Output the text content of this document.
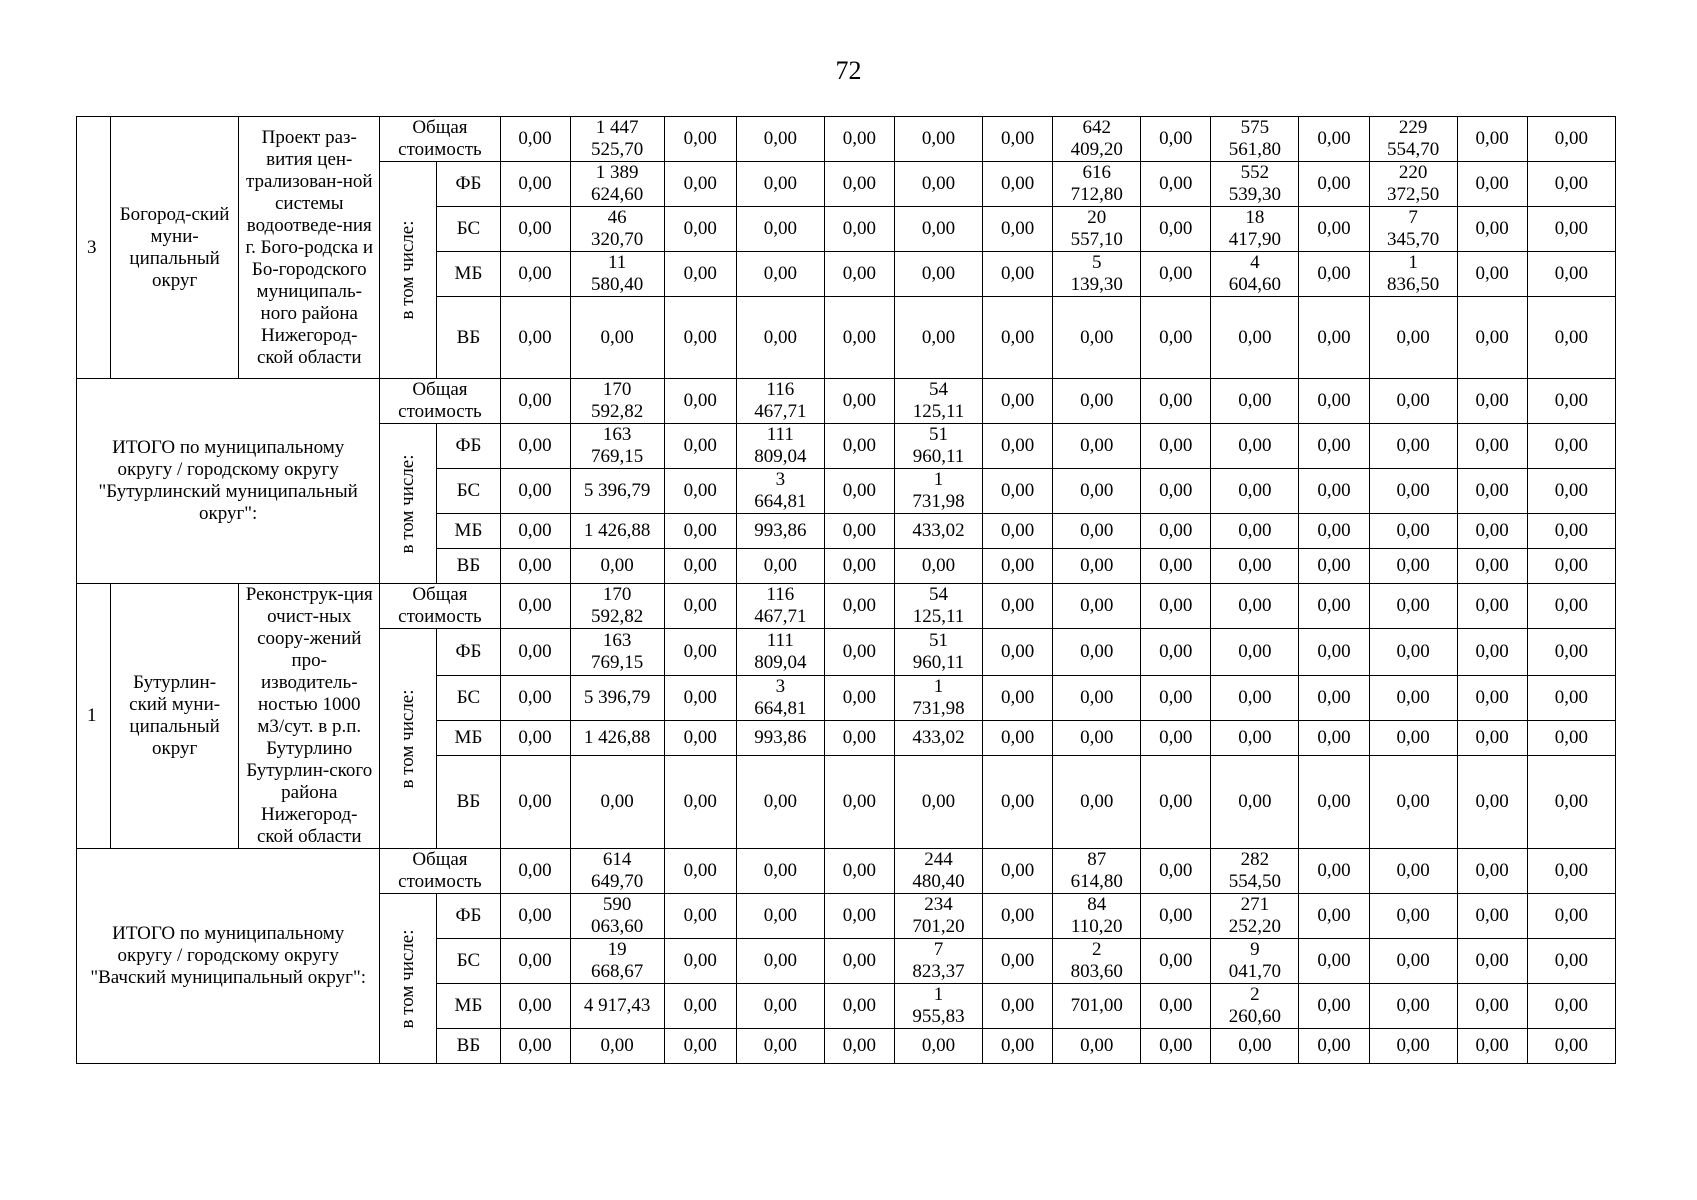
72
3	Богород-ский муни-ципальный округ	Проект раз-вития цен-трализован-ной системы водоотведе-ния г. Бого-родска и Бо-городского муниципаль-ного района Нижегород-ской области	Общая стоимость		0,00	1 447
525,70	0,00	0,00	0,00	0,00	0,00	642
409,20	0,00	575
561,80	0,00	229
554,70	0,00	0,00

			в том числе:	ФБ	0,00	1 389
624,60	0,00	0,00	0,00	0,00	0,00	616
712,80	0,00	552
539,30	0,00	220
372,50	0,00	0,00
				БС	0,00	46
320,70	0,00	0,00	0,00	0,00	0,00	20
557,10	0,00	18
417,90	0,00	7
345,70	0,00	0,00
				МБ	0,00	11
580,40	0,00	0,00	0,00	0,00	0,00	5
139,30	0,00	4
604,60	0,00	1
836,50	0,00	0,00
				ВБ	0,00	0,00	0,00	0,00	0,00	0,00	0,00	0,00	0,00	0,00	0,00	0,00	0,00	0,00
ИТОГО по муниципальному округу / городскому округу "Бутурлинский муниципальный округ":			Общая стоимость		0,00	170
592,82	0,00	116
467,71	0,00	54
125,11	0,00	0,00	0,00	0,00	0,00	0,00	0,00	0,00

			в том числе:	ФБ	0,00	163
769,15	0,00	111
809,04	0,00	51
960,11	0,00	0,00	0,00	0,00	0,00	0,00	0,00	0,00
				БС	0,00	5 396,79	0,00	3
664,81	0,00	1
731,98	0,00	0,00	0,00	0,00	0,00	0,00	0,00	0,00
				МБ	0,00	1 426,88	0,00	993,86	0,00	433,02	0,00	0,00	0,00	0,00	0,00	0,00	0,00	0,00
				ВБ	0,00	0,00	0,00	0,00	0,00	0,00	0,00	0,00	0,00	0,00	0,00	0,00	0,00	0,00
1	Бутурлин-ский муни-ципальный округ	Реконструк-ция очист-ных соору-жений про-изводитель-ностью 1000 м3/сут. в р.п. Бутурлино Бутурлин-ского района Нижегород-ской области	Общая стоимость		0,00	170
592,82	0,00	116
467,71	0,00	54
125,11	0,00	0,00	0,00	0,00	0,00	0,00	0,00	0,00

			в том числе:	ФБ	0,00	163
769,15	0,00	111
809,04	0,00	51
960,11	0,00	0,00	0,00	0,00	0,00	0,00	0,00	0,00
				БС	0,00	5 396,79	0,00	3
664,81	0,00	1
731,98	0,00	0,00	0,00	0,00	0,00	0,00	0,00	0,00
				МБ	0,00	1 426,88	0,00	993,86	0,00	433,02	0,00	0,00	0,00	0,00	0,00	0,00	0,00	0,00
				ВБ	0,00	0,00	0,00	0,00	0,00	0,00	0,00	0,00	0,00	0,00	0,00	0,00	0,00	0,00
ИТОГО по муниципальному округу / городскому округу "Вачский муниципальный округ":			Общая стоимость		0,00	614
649,70	0,00	0,00	0,00	244
480,40	0,00	87
614,80	0,00	282
554,50	0,00	0,00	0,00	0,00

			в том числе:	ФБ	0,00	590
063,60	0,00	0,00	0,00	234
701,20	0,00	84
110,20	0,00	271
252,20	0,00	0,00	0,00	0,00
				БС	0,00	19
668,67	0,00	0,00	0,00	7
823,37	0,00	2
803,60	0,00	9
041,70	0,00	0,00	0,00	0,00
				МБ	0,00	4 917,43	0,00	0,00	0,00	1
955,83	0,00	701,00	0,00	2
260,60	0,00	0,00	0,00	0,00
				ВБ	0,00	0,00	0,00	0,00	0,00	0,00	0,00	0,00	0,00	0,00	0,00	0,00	0,00	0,00
